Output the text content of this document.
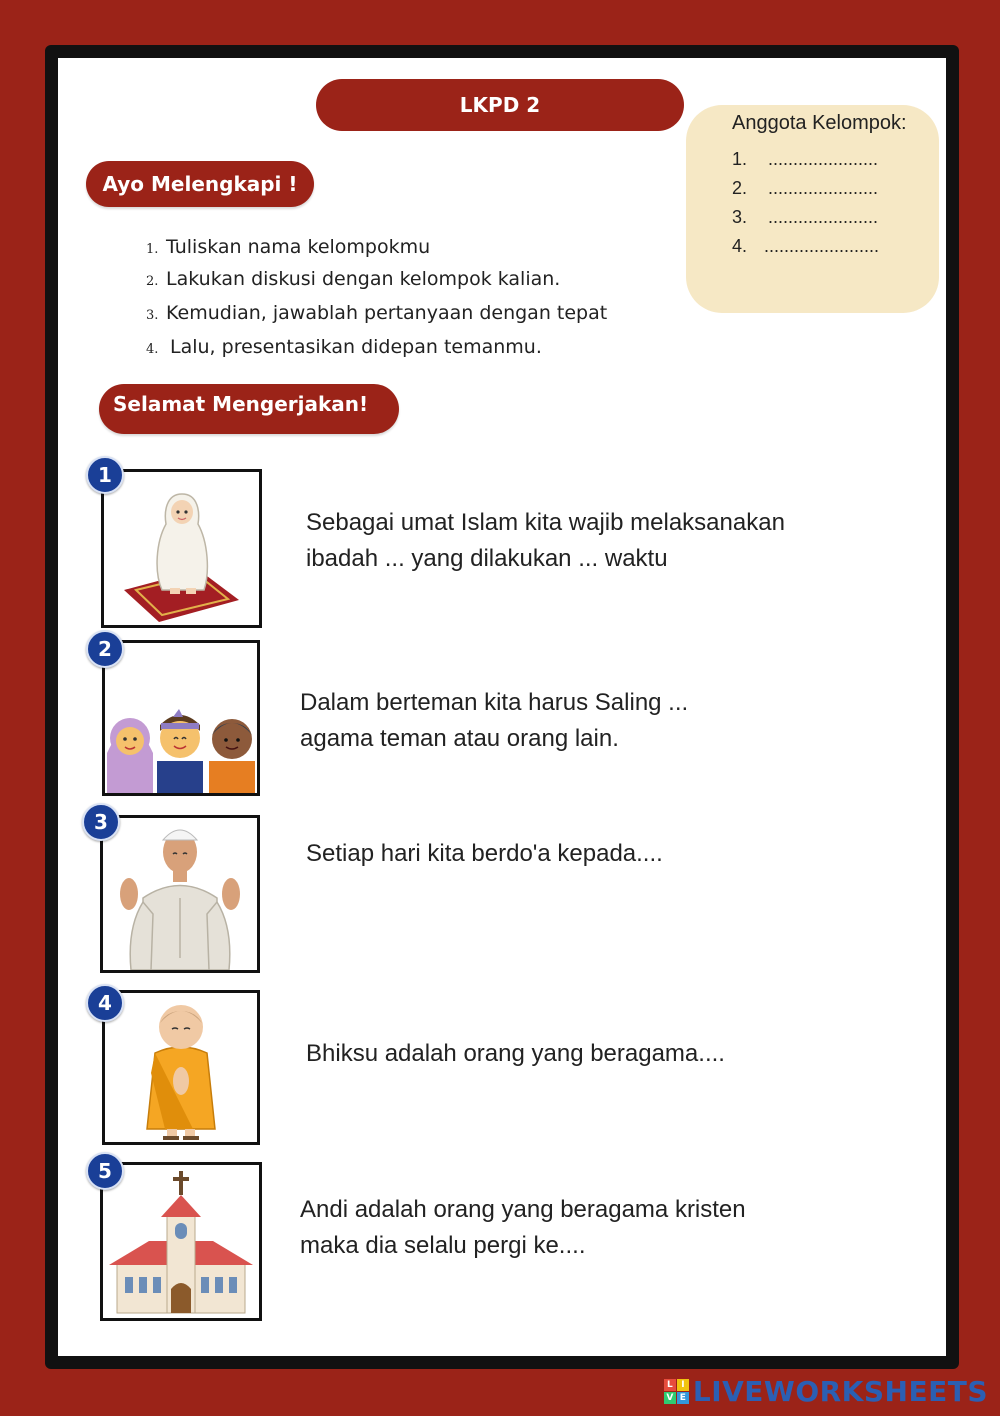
LKPD 2
Anggota Kelompok:
1. ......................
2. ......................
3. ......................
4. .......................
Ayo Melengkapi !
1. Tuliskan nama kelompokmu
2. Lakukan diskusi dengan kelompok kalian.
3. Kemudian, jawablah pertanyaan dengan tepat
4. Lalu, presentasikan didepan temanmu.
Selamat Mengerjakan!
1
Sebagai umat Islam kita wajib melaksanakan
ibadah ... yang dilakukan ... waktu
2
Dalam berteman kita harus Saling ...
agama teman atau orang lain.
3
Setiap hari kita berdo'a kepada....
4
Bhiksu adalah orang yang beragama....
5
Andi adalah orang yang beragama kristen
maka dia selalu pergi ke....
L I
V E LIVEWORKSHEETS
